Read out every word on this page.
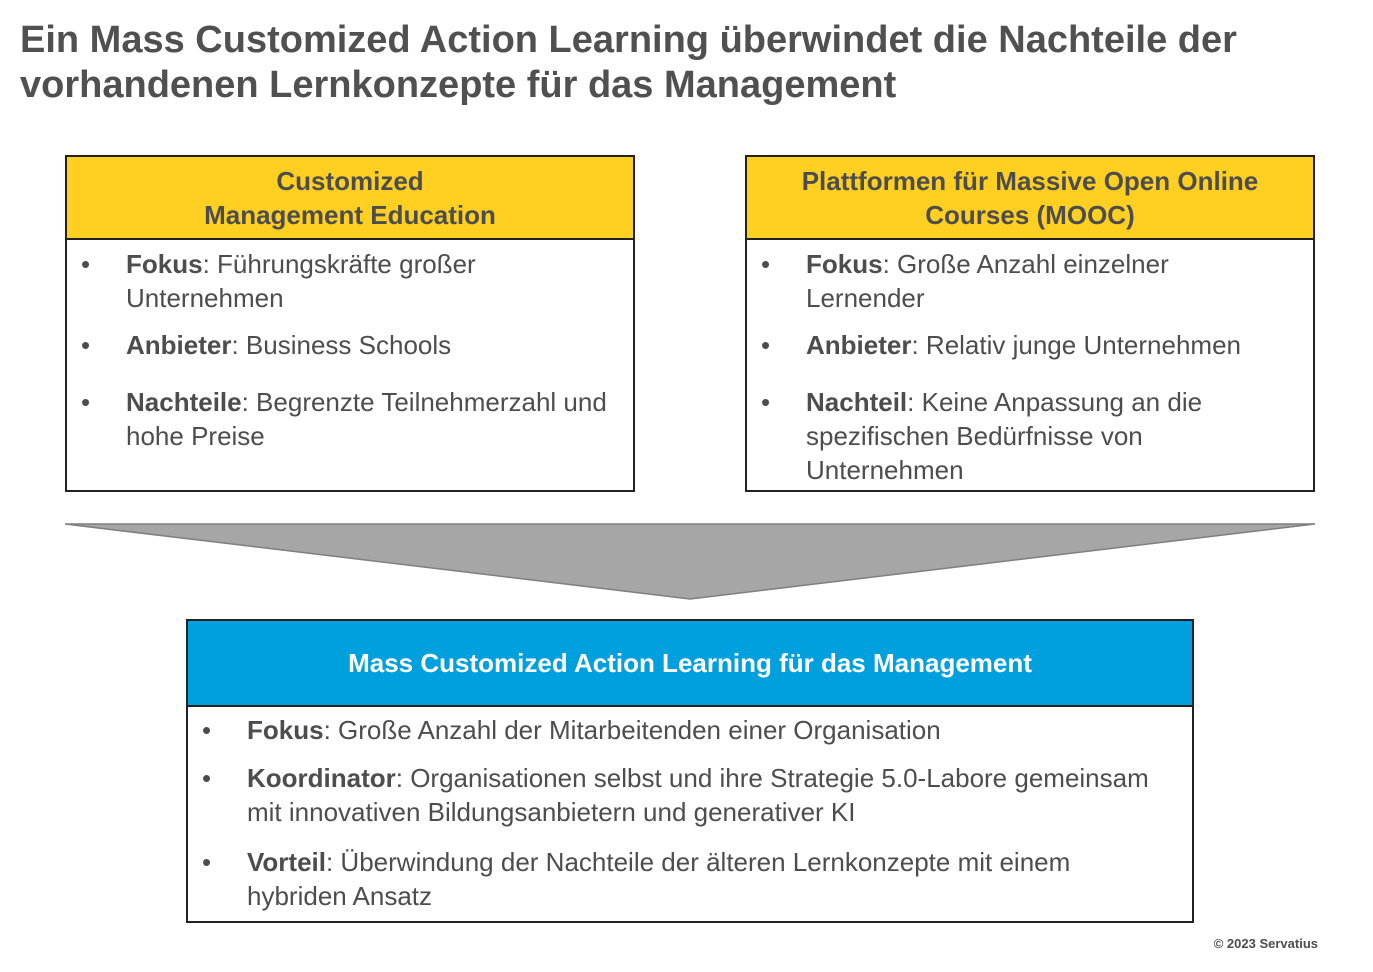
Ein Mass Customized Action Learning überwindet die Nachteile der
vorhandenen Lernkonzepte für das Management
Customized
Management Education
• Fokus: Führungskräfte großer Unternehmen
• Anbieter: Business Schools
• Nachteile: Begrenzte Teilnehmerzahl und hohe Preise
Plattformen für Massive Open Online
Courses (MOOC)
• Fokus: Große Anzahl einzelner Lernender
• Anbieter: Relativ junge Unternehmen
• Nachteil: Keine Anpassung an die spezifischen Bedürfnisse von Unternehmen
Mass Customized Action Learning für das Management
• Fokus: Große Anzahl der Mitarbeitenden einer Organisation
• Koordinator: Organisationen selbst und ihre Strategie 5.0-Labore gemeinsam mit innovativen Bildungsanbietern und generativer KI
• Vorteil: Überwindung der Nachteile der älteren Lernkonzepte mit einem hybriden Ansatz
© 2023 Servatius
